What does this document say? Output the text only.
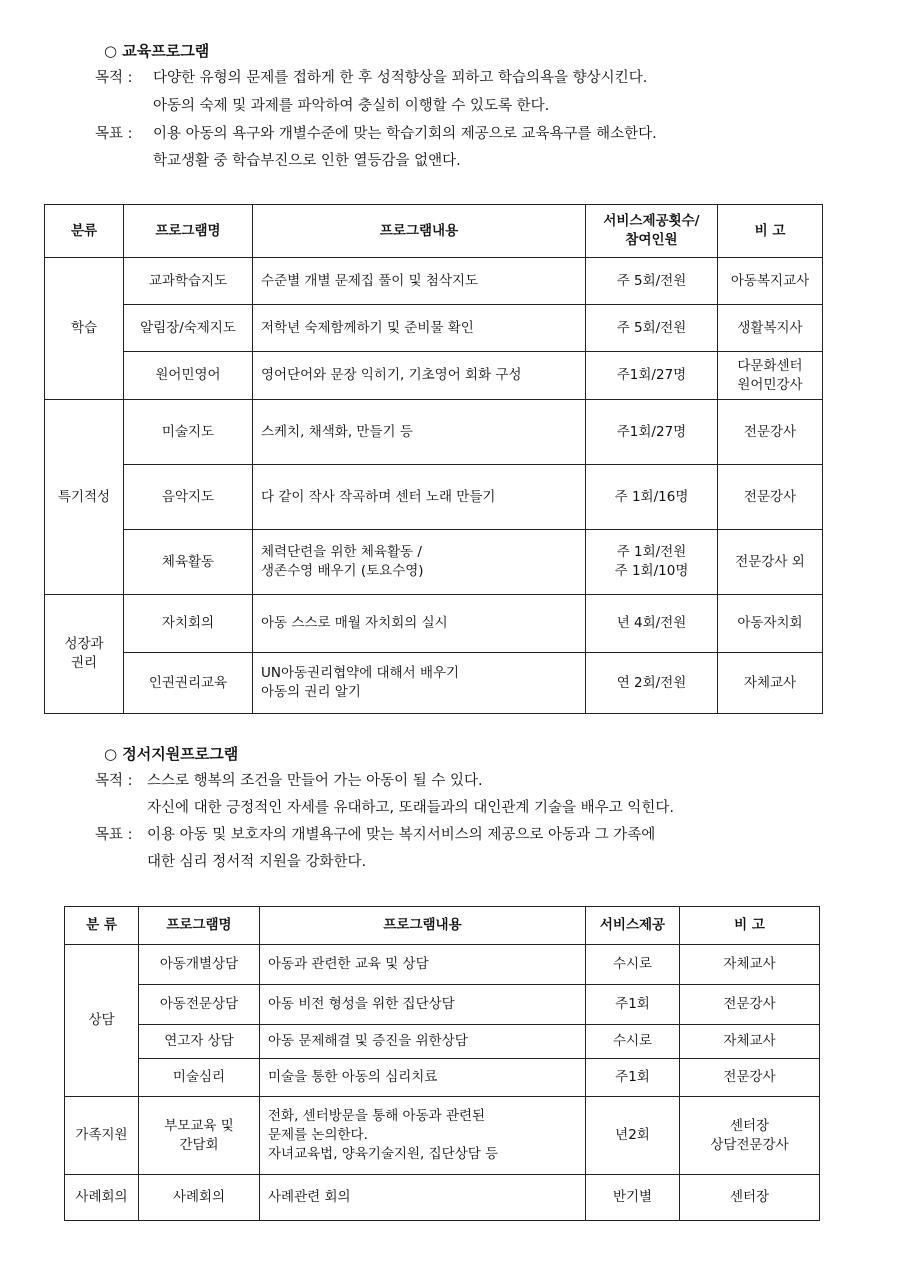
○ 교육프로그램
목적 : 다양한 유형의 문제를 접하게 한 후 성적향상을 꾀하고 학습의욕을 향상시킨다.
아동의 숙제 및 과제를 파악하여 충실히 이행할 수 있도록 한다.
목표 : 이용 아동의 욕구와 개별수준에 맞는 학습기회의 제공으로 교육욕구를 해소한다.
학교생활 중 학습부진으로 인한 열등감을 없앤다.
분류	프로그램명	프로그램내용	서비스제공횟수/
참여인원	비 고
학습	교과학습지도	수준별 개별 문제집 풀이 및 첨삭지도	주 5회/전원	아동복지교사
	알림장/숙제지도	저학년 숙제함께하기 및 준비물 확인	주 5회/전원	생활복지사
	원어민영어	영어단어와 문장 익히기, 기초영어 회화 구성	주1회/27명	다문화센터
원어민강사
특기적성	미술지도	스케치, 채색화, 만들기 등	주1회/27명	전문강사
	음악지도	다 같이 작사 작곡하며 센터 노래 만들기	주 1회/16명	전문강사
	체육활동	체력단련을 위한 체육활동 /
생존수영 배우기 (토요수영)	주 1회/전원
주 1회/10명	전문강사 외
성장과
권리	자치회의	아동 스스로 매월 자치회의 실시	년 4회/전원	아동자치회
	인권권리교육	UN아동권리협약에 대해서 배우기
아동의 권리 알기	연 2회/전원	자체교사
○ 정서지원프로그램
목적 : 스스로 행복의 조건을 만들어 가는 아동이 될 수 있다.
자신에 대한 긍정적인 자세를 유대하고, 또래들과의 대인관계 기술을 배우고 익힌다.
목표 : 이용 아동 및 보호자의 개별욕구에 맞는 복지서비스의 제공으로 아동과 그 가족에
대한 심리 정서적 지원을 강화한다.
분 류	프로그램명	프로그램내용	서비스제공	비 고
상담	아동개별상담	아동과 관련한 교육 및 상담	수시로	자체교사
	아동전문상담	아동 비전 형성을 위한 집단상담	주1회	전문강사
	연고자 상담	아동 문제해결 및 증진을 위한상담	수시로	자체교사
	미술심리	미술을 통한 아동의 심리치료	주1회	전문강사
가족지원	부모교육 및
간담회	전화, 센터방문을 통해 아동과 관련된
문제를 논의한다.
자녀교육법, 양육기술지원, 집단상담 등	년2회	센터장
상담전문강사
사례회의	사례회의	사례관련 회의	반기별	센터장
